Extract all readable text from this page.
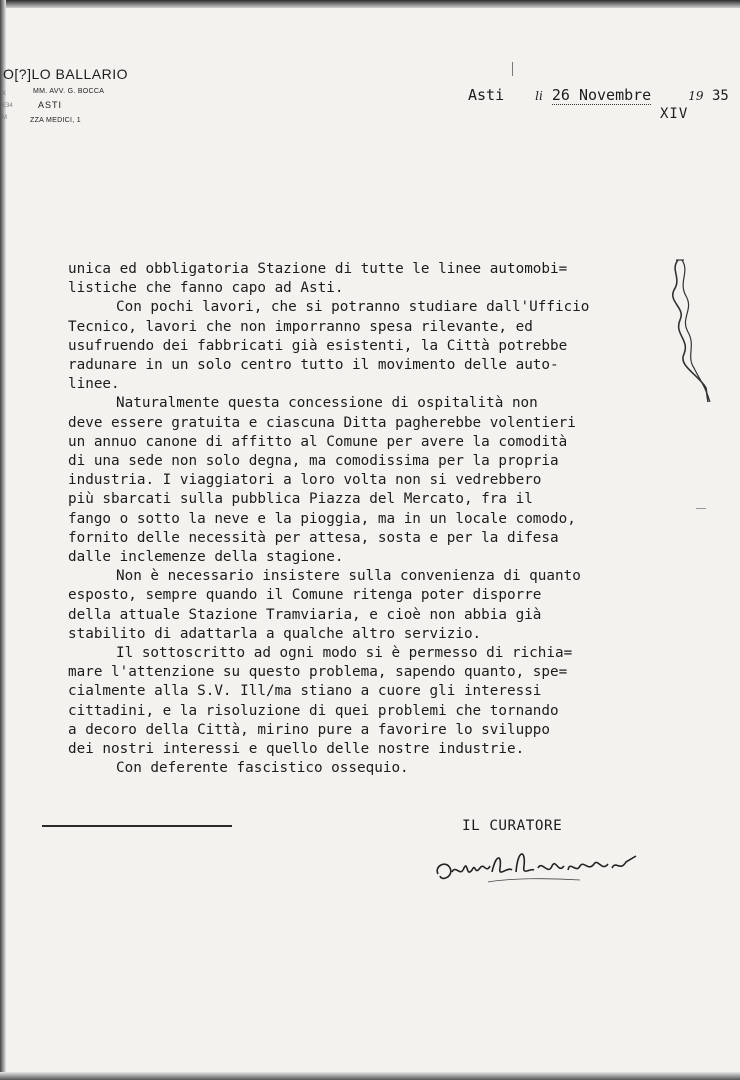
O[?]LO BALLARIO
MM. AVV. G. BOCCA
ASTI
ZZA MEDICI, 1
X
E34
M
Asti	li 26 Novembre	19 35
XIV

unica ed obbligatoria Stazione di tutte le linee automobi=

listiche che fanno capo ad Asti.

Con pochi lavori, che si potranno studiare dall'Ufficio

Tecnico, lavori che non imporranno spesa rilevante, ed

usufruendo dei fabbricati già esistenti, la Città potrebbe

radunare in un solo centro tutto il movimento delle auto-

linee.

Naturalmente questa concessione di ospitalità non

deve essere gratuita e ciascuna Ditta pagherebbe volentieri

un annuo canone di affitto al Comune per avere la comodità

di una sede non solo degna, ma comodissima per la propria

industria. I viaggiatori a loro volta non si vedrebbero

più sbarcati sulla pubblica Piazza del Mercato, fra il

fango o sotto la neve e la pioggia, ma in un locale comodo,

fornito delle necessità per attesa, sosta e per la difesa

dalle inclemenze della stagione.

Non è necessario insistere sulla convenienza di quanto

esposto, sempre quando il Comune ritenga poter disporre

della attuale Stazione Tramviaria, e cioè non abbia già

stabilito di adattarla a qualche altro servizio.

Il sottoscritto ad ogni modo si è permesso di richia=

mare l'attenzione su questo problema, sapendo quanto, spe=

cialmente alla S.V. Ill/ma stiano a cuore gli interessi

cittadini, e la risoluzione di quei problemi che tornando

a decoro della Città, mirino pure a favorire lo sviluppo

dei nostri interessi e quello delle nostre industrie.

Con deferente fascistico ossequio.

IL CURATORE
